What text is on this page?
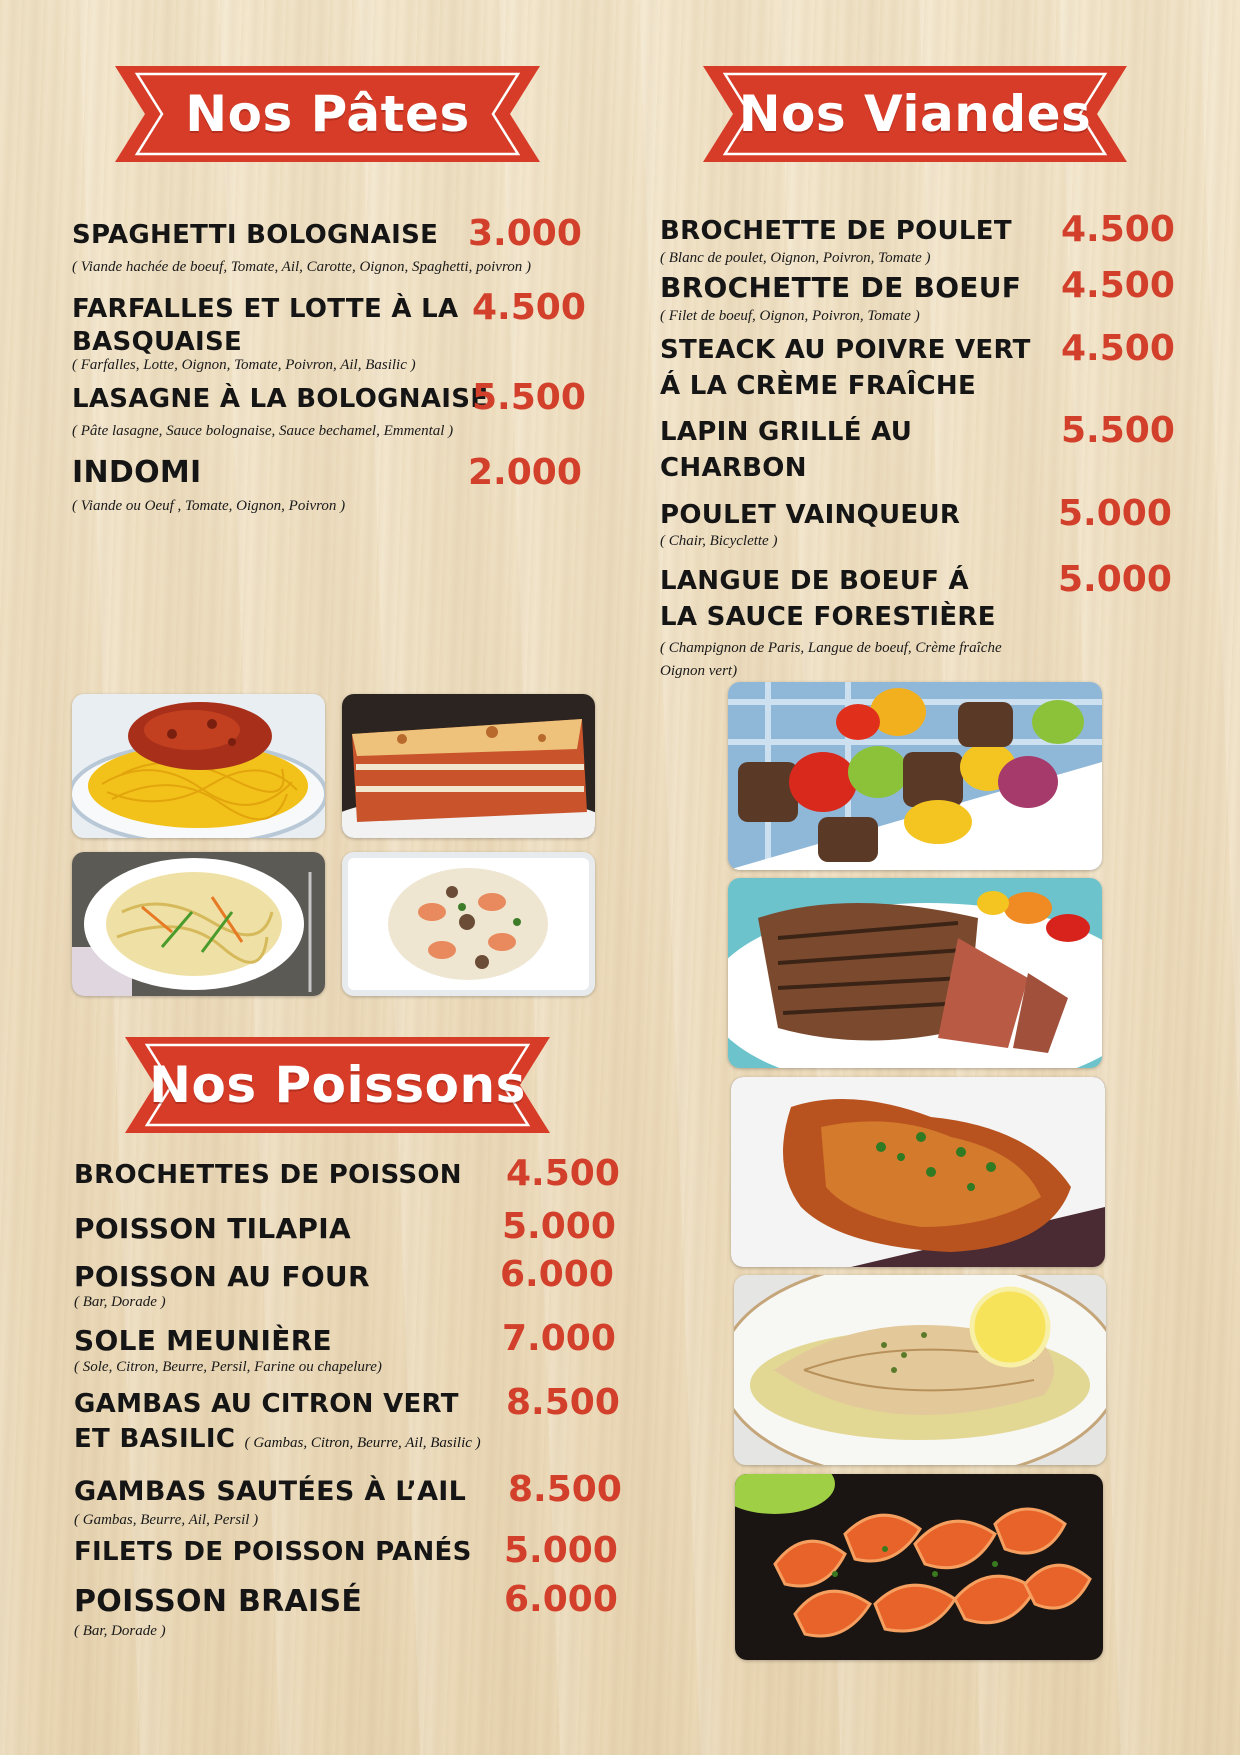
Nos Pâtes	Nos Viandes
Nos Poissons
SPAGHETTI BOLOGNAISE 3.000
( Viande hachée de boeuf, Tomate, Ail, Carotte, Oignon, Spaghetti, poivron )
FARFALLES ET LOTTE À LA
BASQUAISE
4.500
( Farfalles, Lotte, Oignon, Tomate, Poivron, Ail, Basilic )
LASAGNE À LA BOLOGNAISE
5.500
( Pâte lasagne, Sauce bolognaise, Sauce bechamel, Emmental )
INDOMI	2.000
( Viande ou Oeuf , Tomate, Oignon, Poivron )
BROCHETTE DE POULET 4.500
( Blanc de poulet, Oignon, Poivron, Tomate )
BROCHETTE DE BOEUF 4.500
( Filet de boeuf, Oignon, Poivron, Tomate )
STEACK AU POIVRE VERT
Á LA CRÈME FRAÎCHE
4.500
LAPIN GRILLÉ AU
CHARBON
5.500
POULET VAINQUEUR	5.000
( Chair, Bicyclette )
LANGUE DE BOEUF Á
LA SAUCE FORESTIÈRE
5.000
( Champignon de Paris, Langue de boeuf, Crème fraîche
Oignon vert)
BROCHETTES DE POISSON 4.500
POISSON TILAPIA	5.000
POISSON AU FOUR	6.000
( Bar, Dorade )
SOLE MEUNIÈRE	7.000
( Sole, Citron, Beurre, Persil, Farine ou chapelure)
GAMBAS AU CITRON VERT
ET BASILIC ( Gambas, Citron, Beurre, Ail, Basilic )
8.500
GAMBAS SAUTÉES À L’AIL 8.500
( Gambas, Beurre, Ail, Persil )
FILETS DE POISSON PANÉS 5.000
POISSON BRAISÉ	6.000
( Bar, Dorade )
